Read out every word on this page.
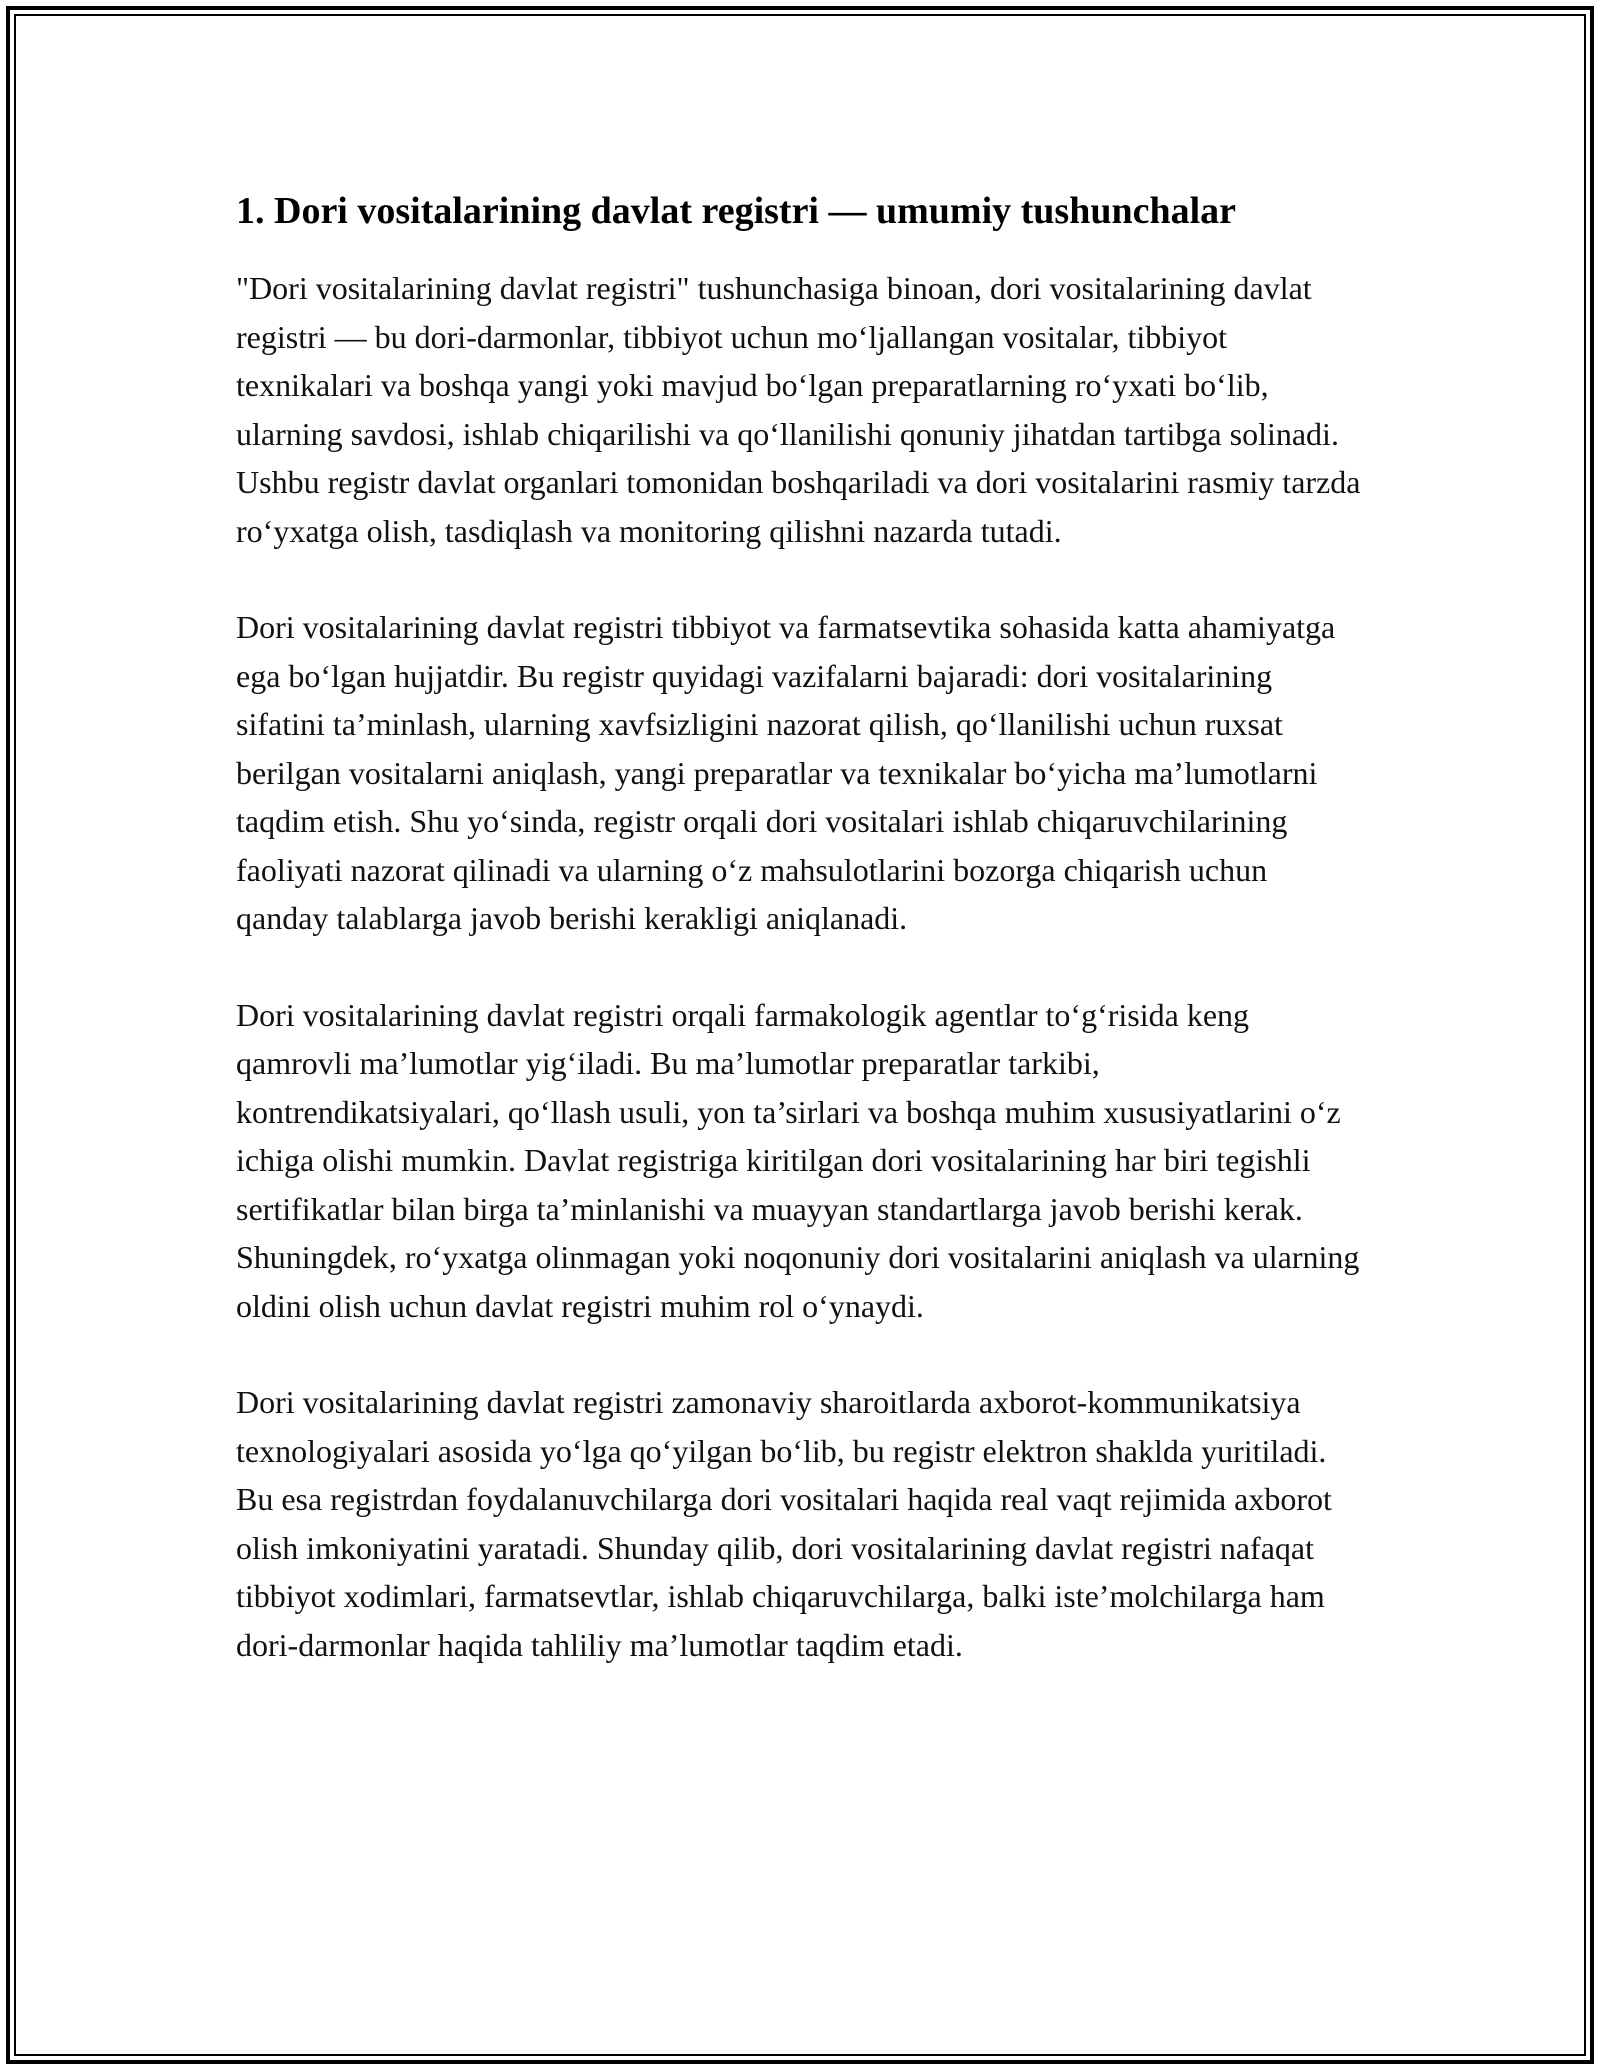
1. Dori vositalarining davlat registri — umumiy tushunchalar

"Dori vositalarining davlat registri" tushunchasiga binoan, dori vositalarining davlat registri — bu dori-darmonlar, tibbiyot uchun moʻljallangan vositalar, tibbiyot texnikalari va boshqa yangi yoki mavjud boʻlgan preparatlarning roʻyxati boʻlib, ularning savdosi, ishlab chiqarilishi va qoʻllanilishi qonuniy jihatdan tartibga solinadi. Ushbu registr davlat organlari tomonidan boshqariladi va dori vositalarini rasmiy tarzda roʻyxatga olish, tasdiqlash va monitoring qilishni nazarda tutadi.

Dori vositalarining davlat registri tibbiyot va farmatsevtika sohasida katta ahamiyatga ega boʻlgan hujjatdir. Bu registr quyidagi vazifalarni bajaradi: dori vositalarining sifatini ta’minlash, ularning xavfsizligini nazorat qilish, qoʻllanilishi uchun ruxsat berilgan vositalarni aniqlash, yangi preparatlar va texnikalar boʻyicha ma’lumotlarni taqdim etish. Shu yoʻsinda, registr orqali dori vositalari ishlab chiqaruvchilarining faoliyati nazorat qilinadi va ularning oʻz mahsulotlarini bozorga chiqarish uchun qanday talablarga javob berishi kerakligi aniqlanadi.

Dori vositalarining davlat registri orqali farmakologik agentlar toʻgʻrisida keng qamrovli ma’lumotlar yigʻiladi. Bu ma’lumotlar preparatlar tarkibi, kontrendikatsiyalari, qoʻllash usuli, yon ta’sirlari va boshqa muhim xususiyatlarini oʻz ichiga olishi mumkin. Davlat registriga kiritilgan dori vositalarining har biri tegishli sertifikatlar bilan birga ta’minlanishi va muayyan standartlarga javob berishi kerak. Shuningdek, roʻyxatga olinmagan yoki noqonuniy dori vositalarini aniqlash va ularning oldini olish uchun davlat registri muhim rol oʻynaydi.

Dori vositalarining davlat registri zamonaviy sharoitlarda axborot-kommunikatsiya texnologiyalari asosida yoʻlga qoʻyilgan boʻlib, bu registr elektron shaklda yuritiladi. Bu esa registrdan foydalanuvchilarga dori vositalari haqida real vaqt rejimida axborot olish imkoniyatini yaratadi. Shunday qilib, dori vositalarining davlat registri nafaqat tibbiyot xodimlari, farmatsevtlar, ishlab chiqaruvchilarga, balki iste’molchilarga ham dori-darmonlar haqida tahliliy ma’lumotlar taqdim etadi.
